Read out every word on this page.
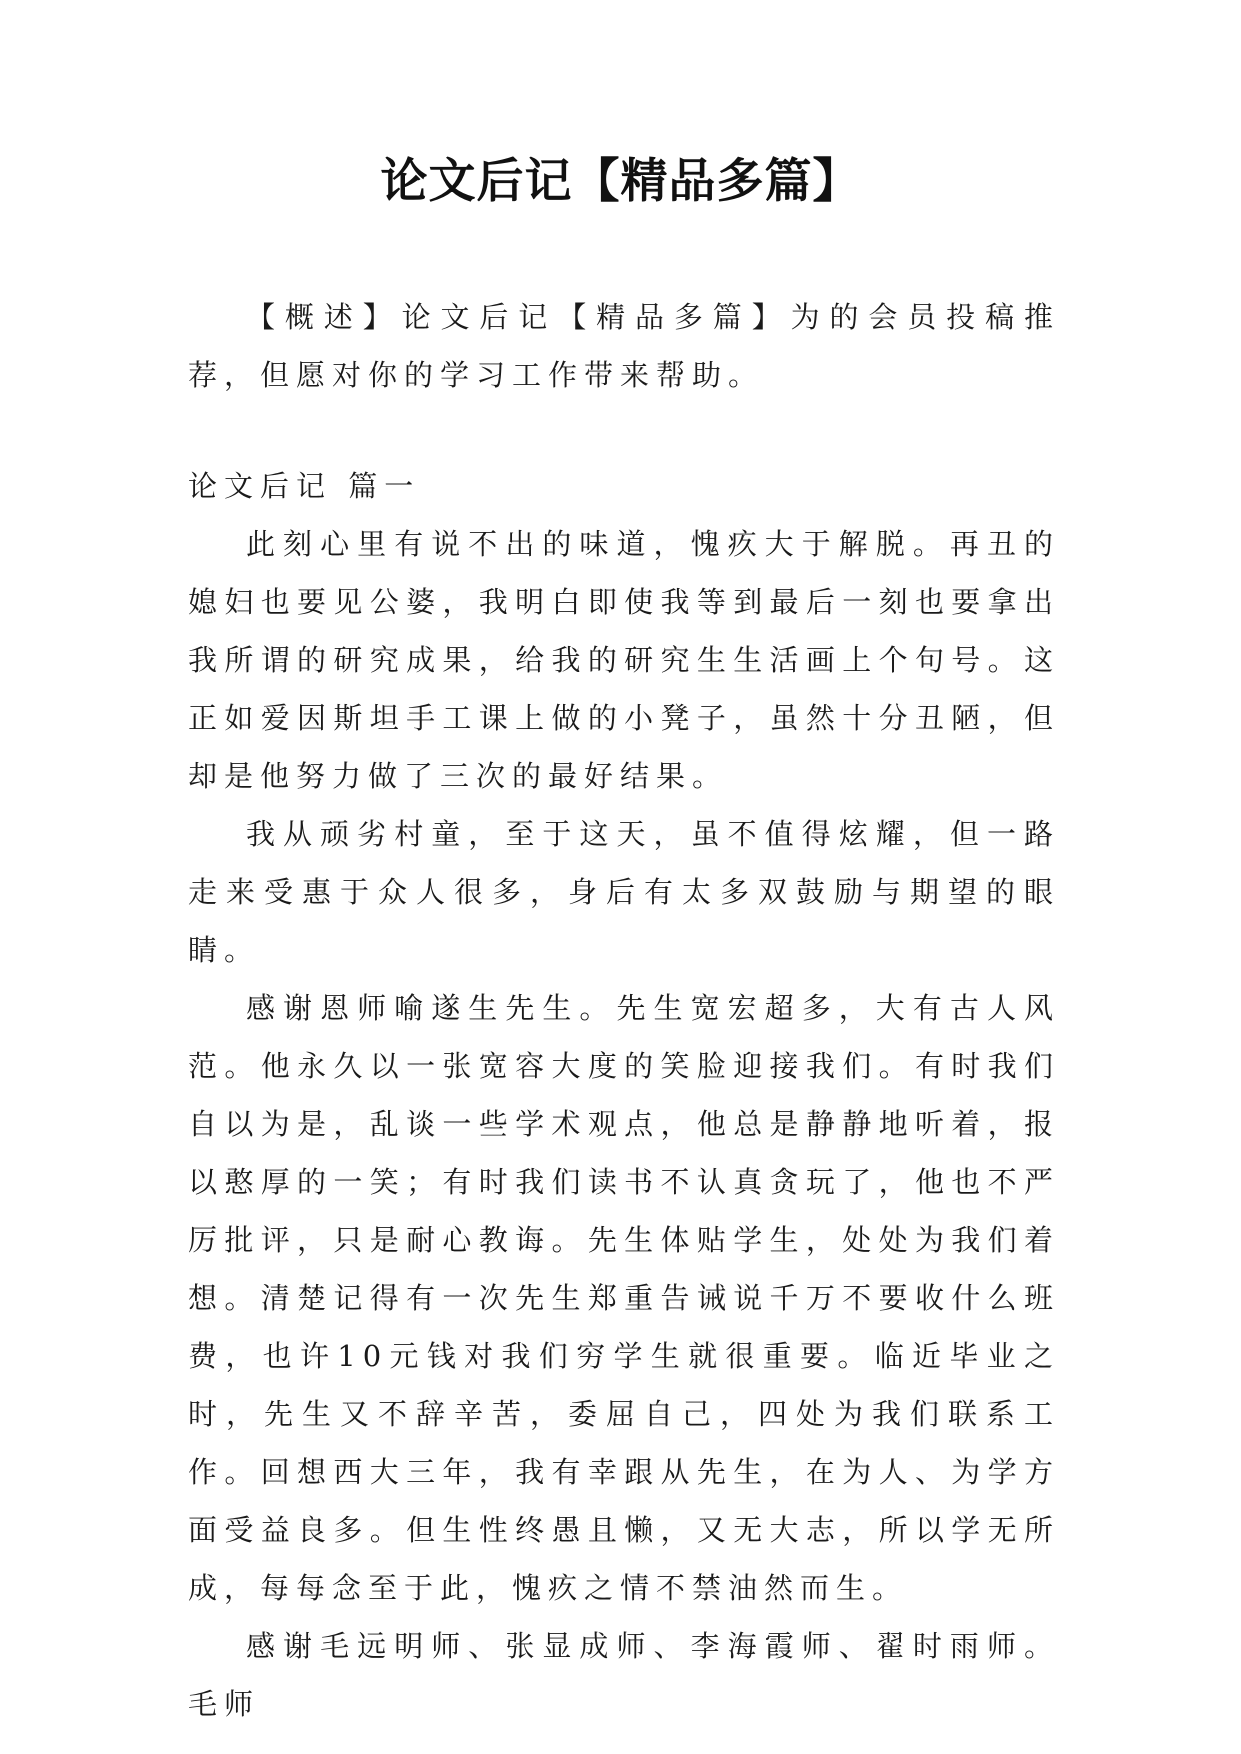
论文后记【精品多篇】

【概述】论文后记【精品多篇】为的会员投稿推荐，但愿对你的学习工作带来帮助。

论文后记 篇一

此刻心里有说不出的味道，愧疚大于解脱。再丑的媳妇也要见公婆，我明白即使我等到最后一刻也要拿出我所谓的研究成果，给我的研究生生活画上个句号。这正如爱因斯坦手工课上做的小凳子，虽然十分丑陋，但却是他努力做了三次的最好结果。

我从顽劣村童，至于这天，虽不值得炫耀，但一路走来受惠于众人很多，身后有太多双鼓励与期望的眼睛。

感谢恩师喻遂生先生。先生宽宏超多，大有古人风范。他永久以一张宽容大度的笑脸迎接我们。有时我们自以为是，乱谈一些学术观点，他总是静静地听着，报以憨厚的一笑；有时我们读书不认真贪玩了，他也不严厉批评，只是耐心教诲。先生体贴学生，处处为我们着想。清楚记得有一次先生郑重告诫说千万不要收什么班费，也许10元钱对我们穷学生就很重要。临近毕业之时，先生又不辞辛苦，委屈自己，四处为我们联系工作。回想西大三年，我有幸跟从先生，在为人、为学方面受益良多。但生性终愚且懒，又无大志，所以学无所成，每每念至于此，愧疚之情不禁油然而生。

感谢毛远明师、张显成师、李海霞师、翟时雨师。毛师
